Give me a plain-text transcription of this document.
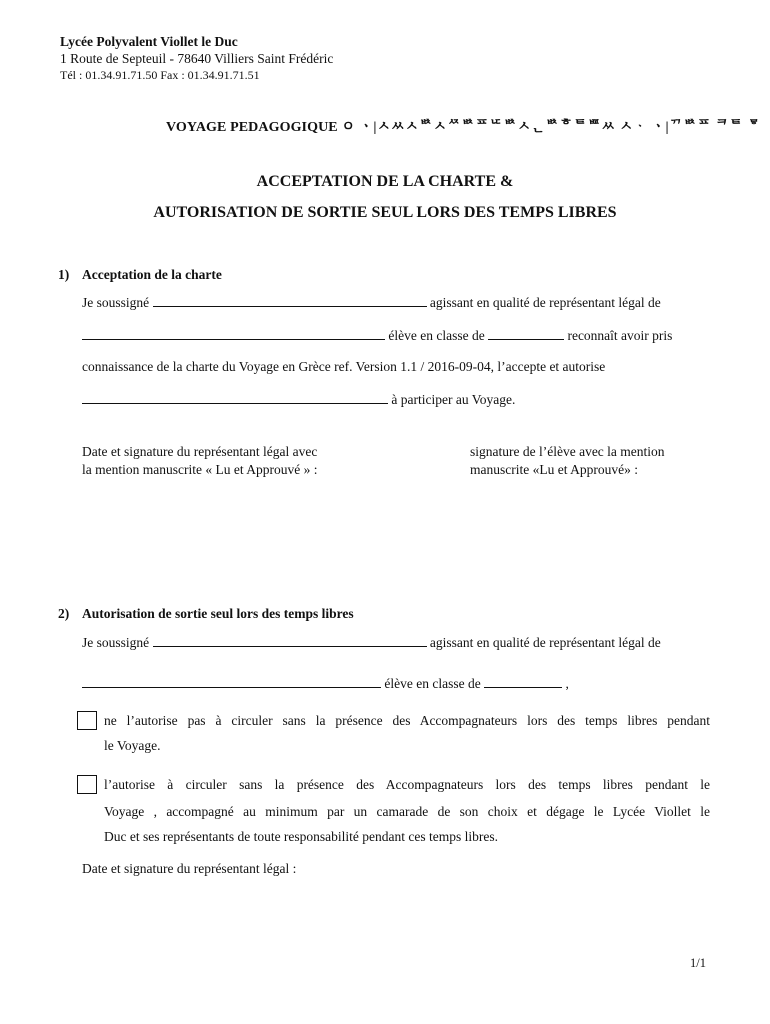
Lycée Polyvalent Viollet le Duc
1 Route de Septeuil - 78640 Villiers Saint Frédéric
Tél : 01.34.91.71.50 Fax : 01.34.91.71.51
VOYAGE PEDAGOGIQUE ㅇ ㆍ|ㅅㅆㅅᄨㅅᄶᄨᄑᄕᄨㅅᆫᄨᄒᄐᄪㅆ ㅅᆞ ㆍ|ᄁᄨᄑ ᄏᄐ ᄝ
ACCEPTATION DE LA CHARTE &
AUTORISATION DE SORTIE SEUL LORS DES TEMPS LIBRES
1) Acceptation de la charte
Je soussigné	agissant en qualité de représentant légal de
élève en classe de	reconnaît avoir pris
connaissance de la charte du Voyage en Grèce ref. Version 1.1 / 2016-09-04, l’accepte et autorise
à participer au Voyage.
Date et signature du représentant légal avec
la mention manuscrite « Lu et Approuvé » :
signature de l’élève avec la mention
manuscrite «Lu et Approuvé» :
2) Autorisation de sortie seul lors des temps libres
Je soussigné	agissant en qualité de représentant légal de
élève en classe de	,
ne l’autorise pas à circuler sans la présence des Accompagnateurs lors des temps libres pendant
le Voyage.
l’autorise à circuler sans la présence des Accompagnateurs lors des temps libres pendant le
Voyage , accompagné au minimum par un camarade de son choix et dégage le Lycée Viollet le
Duc et ses représentants de toute responsabilité pendant ces temps libres.
Date et signature du représentant légal :
1/1
